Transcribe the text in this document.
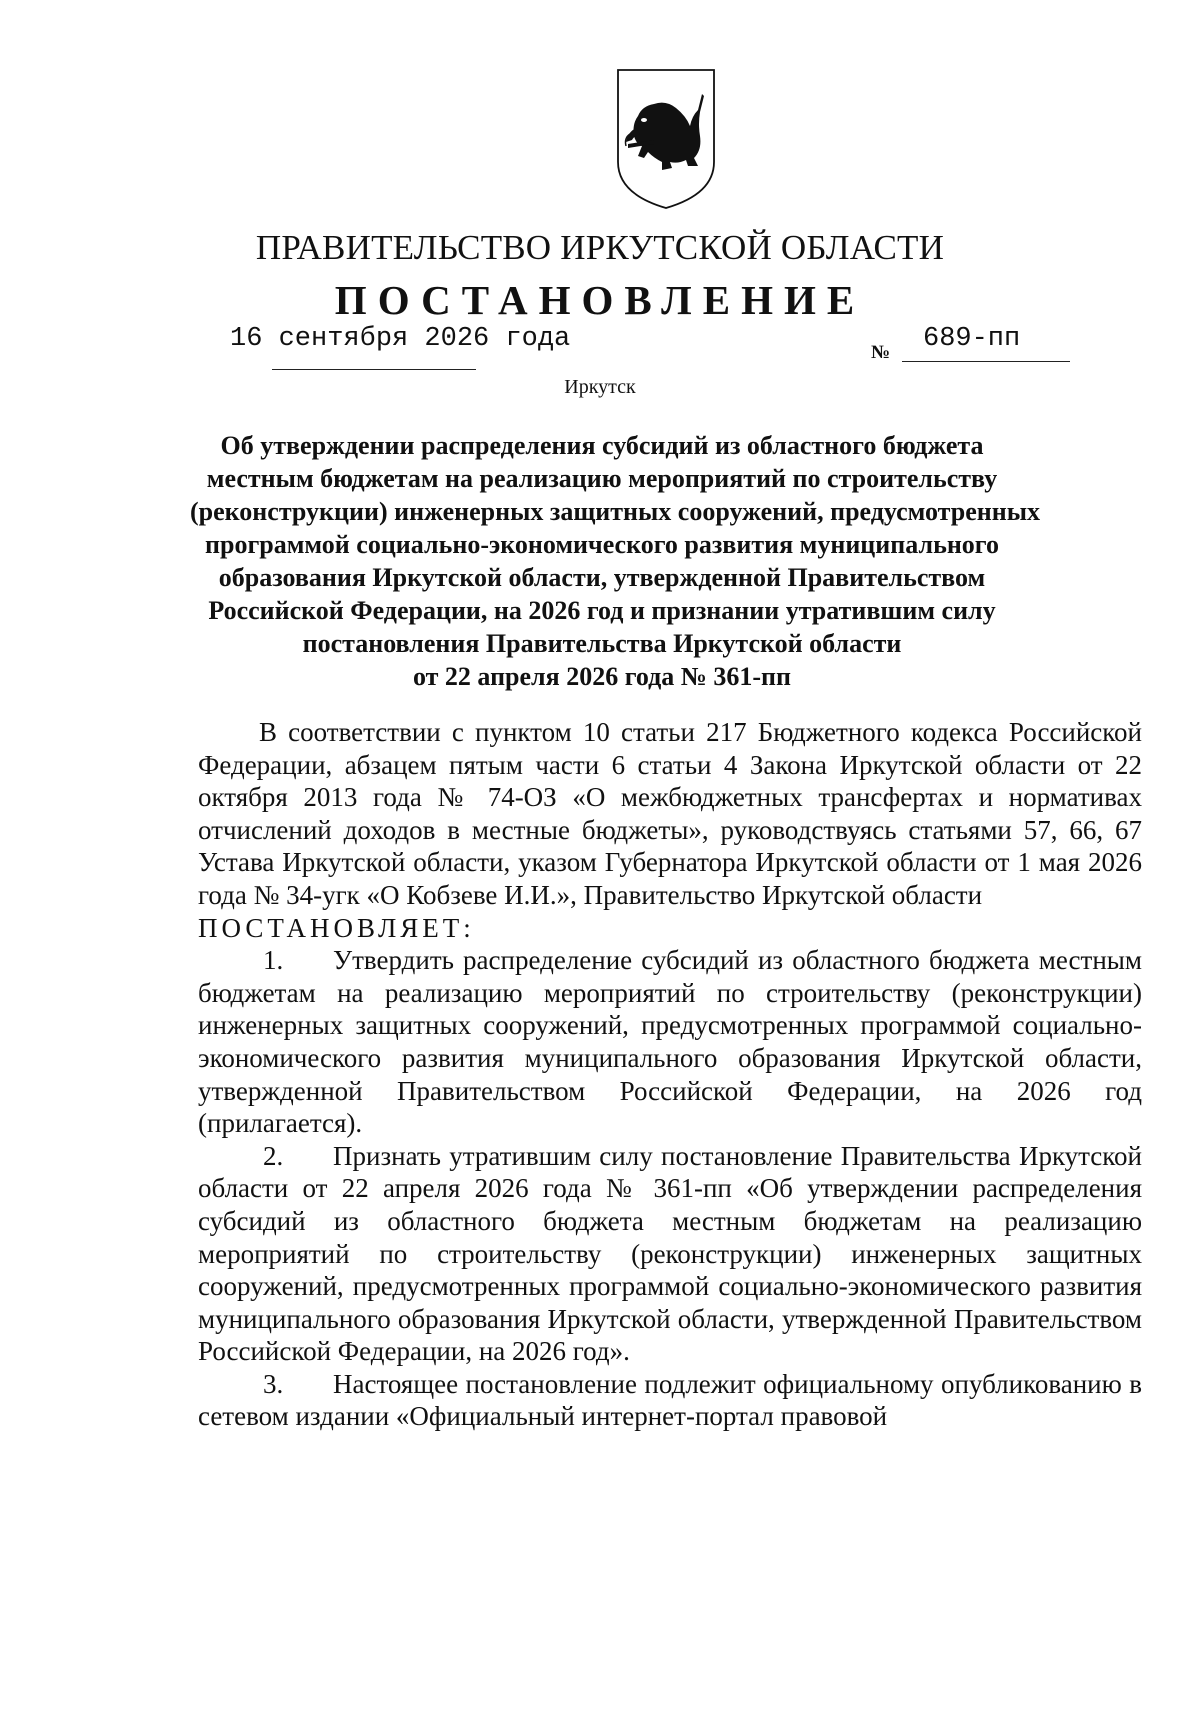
ПРАВИТЕЛЬСТВО ИРКУТСКОЙ ОБЛАСТИ
ПОСТАНОВЛЕНИЕ
16 сентября 2026 года	№ 689-пп
Иркутск
Об утверждении распределения субсидий из областного бюджета
местным бюджетам на реализацию мероприятий по строительству
(реконструкции) инженерных защитных сооружений, предусмотренных
программой социально-экономического развития муниципального
образования Иркутской области, утвержденной Правительством
Российской Федерации, на 2026 год и признании утратившим силу
постановления Правительства Иркутской области
от 22 апреля 2026 года № 361-пп

В соответствии с пунктом 10 статьи 217 Бюджетного кодекса Российской Федерации, абзацем пятым части 6 статьи 4 Закона Иркутской области от 22 октября 2013 года № 74-ОЗ «О межбюджетных трансфертах и нормативах отчислений доходов в местные бюджеты», руководствуясь статьями 57, 66, 67 Устава Иркутской области, указом Губернатора Иркутской области от 1 мая 2026 года № 34-угк «О Кобзеве И.И.», Правительство Иркутской области

ПОСТАНОВЛЯЕТ:

1. Утвердить распределение субсидий из областного бюджета местным бюджетам на реализацию мероприятий по строительству (реконструкции) инженерных защитных сооружений, предусмотренных программой социально-экономического развития муниципального образования Иркутской области, утвержденной Правительством Российской Федерации, на 2026 год (прилагается).

2. Признать утратившим силу постановление Правительства Иркутской области от 22 апреля 2026 года № 361-пп «Об утверждении распределения субсидий из областного бюджета местным бюджетам на реализацию мероприятий по строительству (реконструкции) инженерных защитных сооружений, предусмотренных программой социально-экономического развития муниципального образования Иркутской области, утвержденной Правительством Российской Федерации, на 2026 год».

3. Настоящее постановление подлежит официальному опубликованию в сетевом издании «Официальный интернет-портал правовой
